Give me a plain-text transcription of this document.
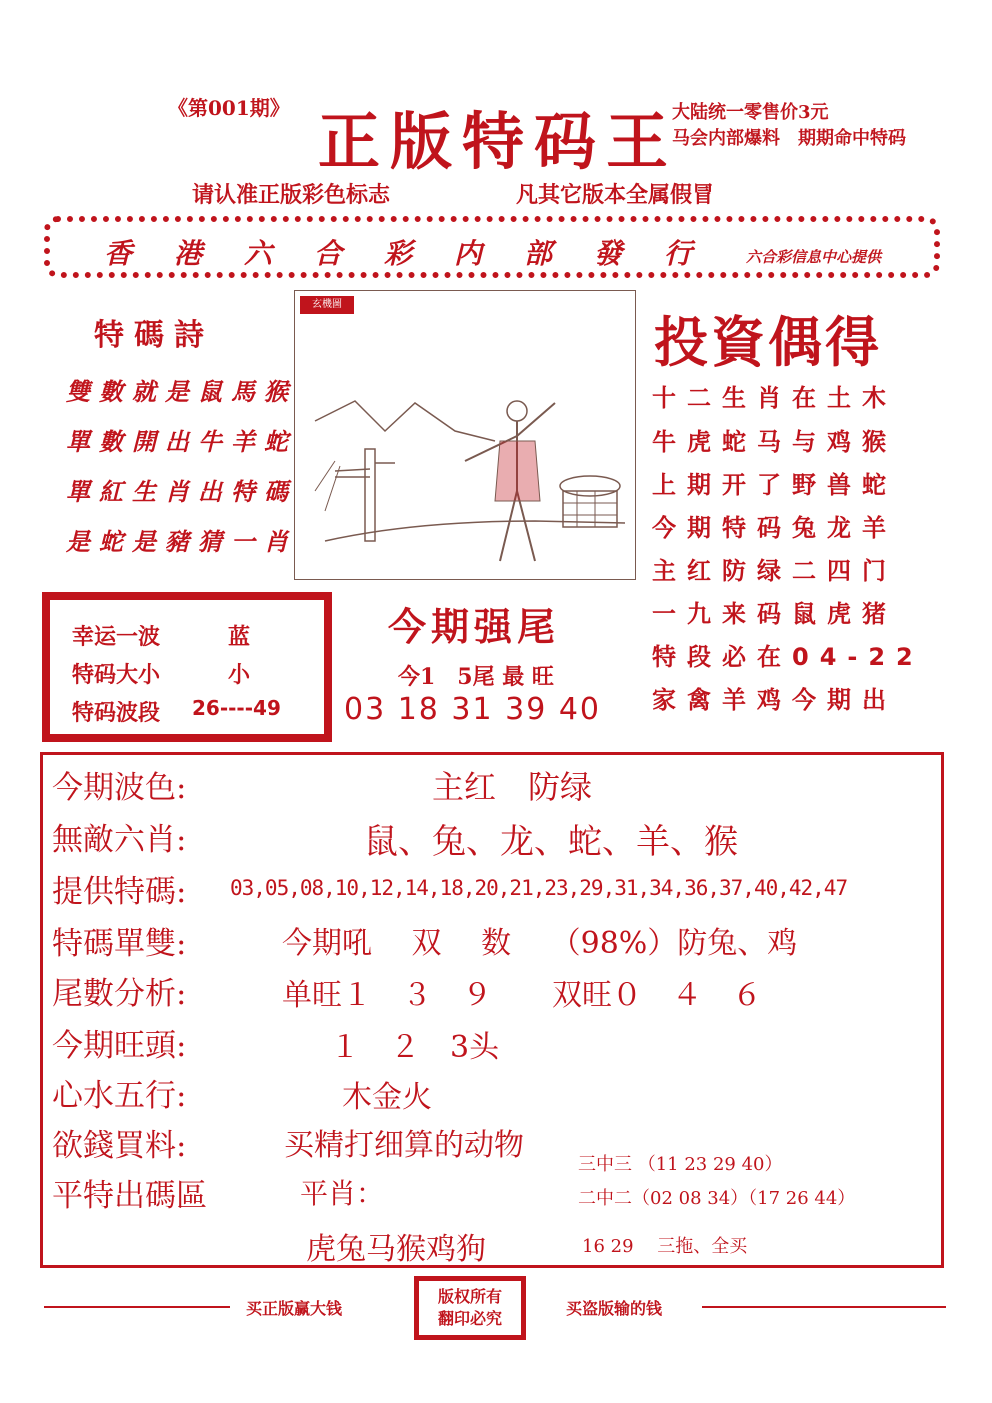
《第001期》 正版特码王
大陆统一零售价3元
马会内部爆料　期期命中特码
请认准正版彩色标志	凡其它版本全属假冒
香港六合彩内部發行 六合彩信息中心提供
特碼詩
雙數就是鼠馬猴
單數開出牛羊蛇
單紅生肖出特碼
是蛇是豬猜一肖
玄機圖
投資偶得
十二生肖在土木
牛虎蛇马与鸡猴
上期开了野兽蛇
今期特码兔龙羊
主红防绿二四门
一九来码鼠虎猪
特段必在04-22
家禽羊鸡今期出
幸运一波	蓝
特码大小	小
特码波段 26----49
今期强尾
今1　5尾 最 旺
03 18 31 39 40
今期波色:	主红　防绿
無敵六肖:	鼠、兔、龙、蛇、羊、猴
提供特碼: 03,05,08,10,12,14,18,20,21,23,29,31,34,36,37,40,42,47
特碼單雙:	今期吼　 双　 数　 （98%）防兔、鸡
尾數分析:	单旺１　３　９　　双旺０　４　６
今期旺頭:	１　２　3头
心水五行:	木金火
欲錢買料:	买精打细算的动物
平特出碼區	平肖：
虎兔马猴鸡狗
三中三 （11 23 29 40）
二中二（02 08 34）（17 26 44）
16 29　 三拖、全买
买正版赢大钱
版权所有
翻印必究
买盗版输的钱
